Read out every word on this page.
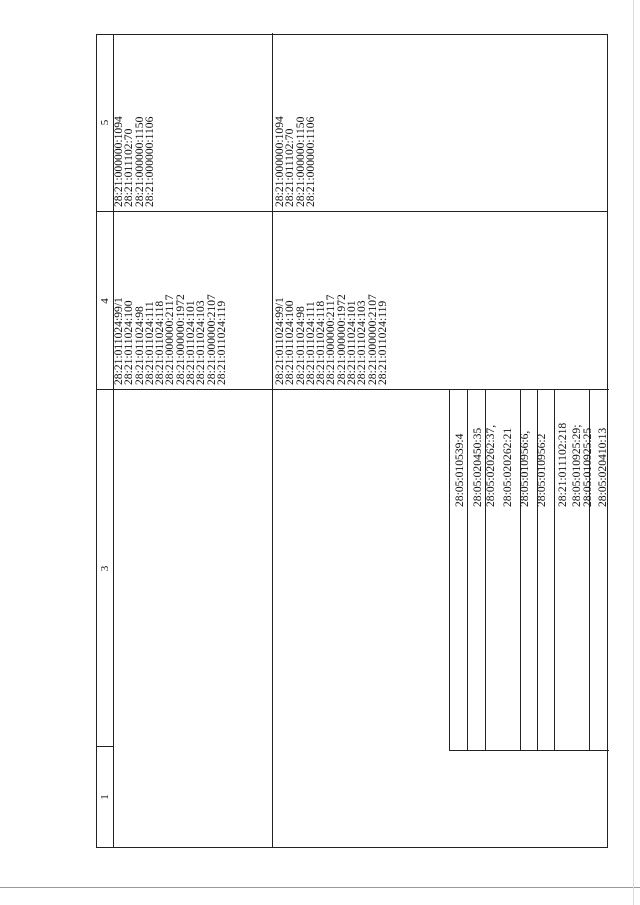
1
3
4
5
28:21:011024:99/1
28:21:011024:100
28:21:011024:98
28:21:011024:111
28:21:011024:118
28:21:000000:2117
28:21:000000:1972
28:21:011024:101
28:21:011024:103
28:21:000000:2107
28:21:011024:119
28:21:000000:1094
28:21:011102:70
28:21:000000:1150
28:21:000000:1106
28:21:011024:99/1
28:21:011024:100
28:21:011024:98
28:21:011024:111
28:21:011024:118
28:21:000000:2117
28:21:000000:1972
28:21:011024:101
28:21:011024:103
28:21:000000:2107
28:21:011024:119
28:21:000000:1094
28:21:011102:70
28:21:000000:1150
28:21:000000:1106
28:05:010539:4 28:05:020450:35 28:05:020262:37, 28:05:020262:21 28:05:010956:6, 28:05:010956:2 28:21:011102:218 28:05:010925:29;
28:05:010925:25 28:05:020410:13
